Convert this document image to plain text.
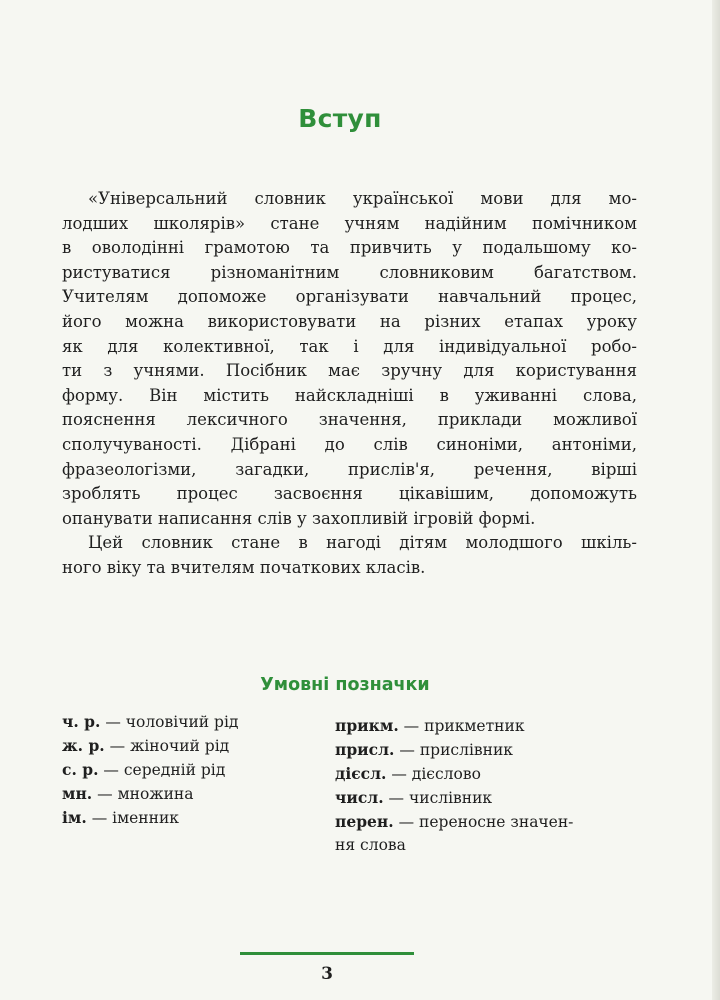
Вступ

«Універсальний словник української мови для мо-

лодших школярів» стане учням надійним помічником

в оволодінні грамотою та привчить у подальшому ко-

ристуватися різноманітним словниковим багатством.

Учителям допоможе організувати навчальний процес,

його можна використовувати на різних етапах уроку

як для колективної, так і для індивідуальної робо-

ти з учнями. Посібник має зручну для користування

форму. Він містить найскладніші в уживанні слова,

пояснення лексичного значення, приклади можливої

сполучуваності. Дібрані до слів синоніми, антоніми,

фразеологізми, загадки, прислів'я, речення, вірші

зроблять процес засвоєння цікавішим, допоможуть

опанувати написання слів у захопливій ігровій формі.

Цей словник стане в нагоді дітям молодшого шкіль-

ного віку та вчителям початкових класів.

Умовні позначки
ч. р. — чоловічий рід
ж. р. — жіночий рід
с. р. — середній рід
мн. — множина
ім. — іменник
прикм. — прикметник
присл. — прислівник
дієсл. — дієслово
числ. — числівник
перен. — переносне значен-
ня слова
3
